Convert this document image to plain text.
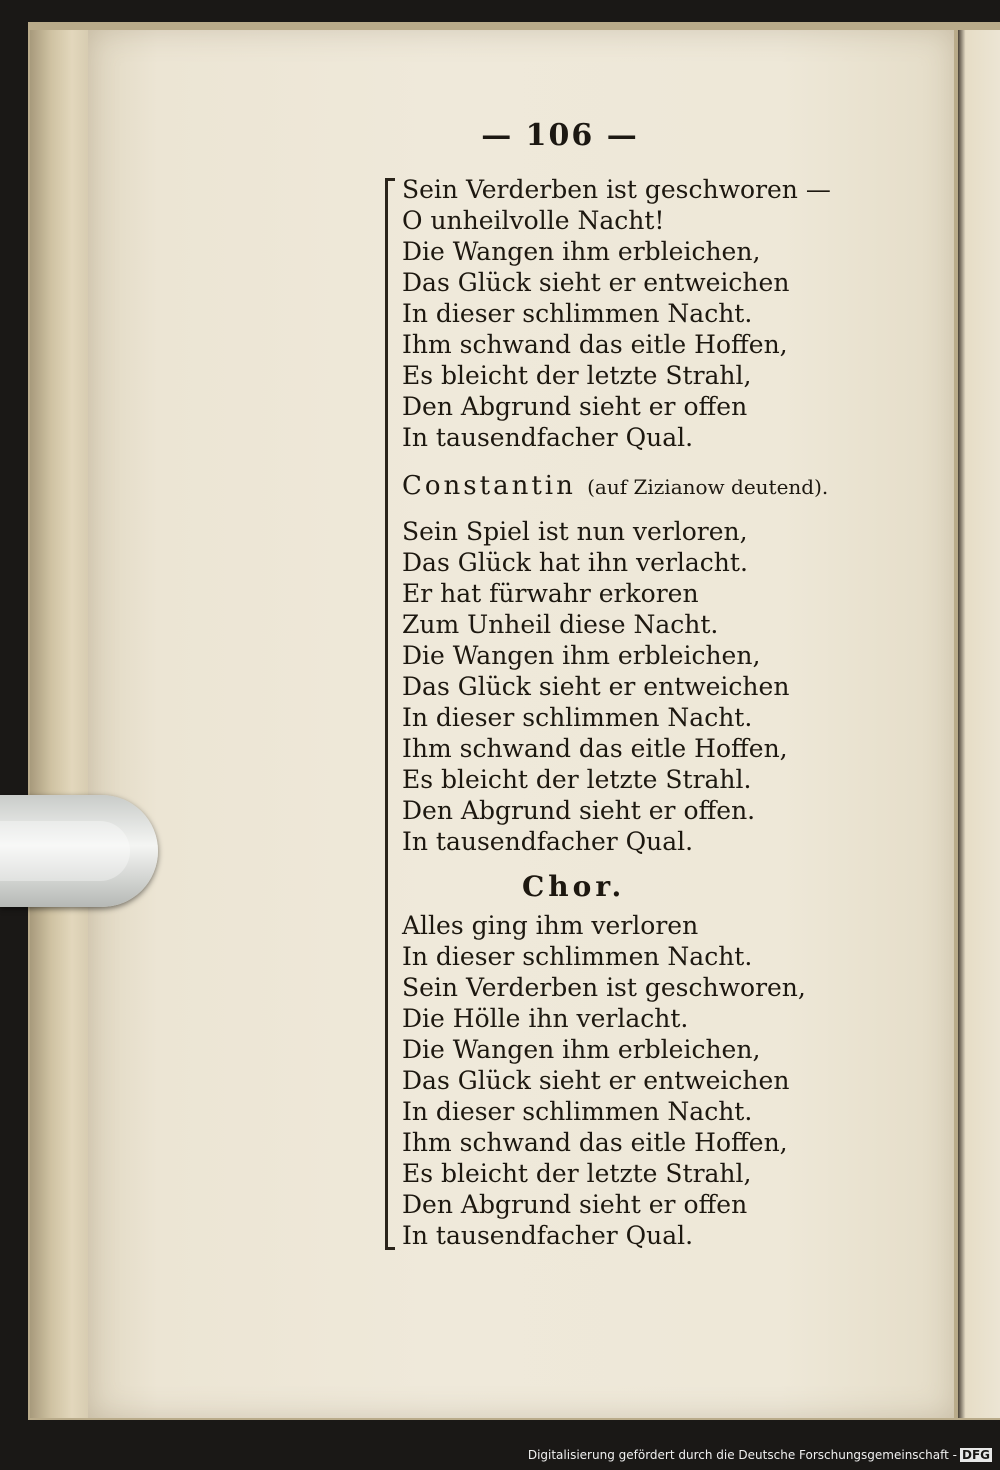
— 106 —
Sein Verderben ist geschworen —
O unheilvolle Nacht!
Die Wangen ihm erbleichen,
Das Glück sieht er entweichen
In dieser schlimmen Nacht.
Ihm schwand das eitle Hoffen,
Es bleicht der letzte Strahl,
Den Abgrund sieht er offen
In tausendfacher Qual.
Constantin (auf Zizianow deutend).
Sein Spiel ist nun verloren,
Das Glück hat ihn verlacht.
Er hat fürwahr erkoren
Zum Unheil diese Nacht.
Die Wangen ihm erbleichen,
Das Glück sieht er entweichen
In dieser schlimmen Nacht.
Ihm schwand das eitle Hoffen,
Es bleicht der letzte Strahl.
Den Abgrund sieht er offen.
In tausendfacher Qual.
Chor.
Alles ging ihm verloren
In dieser schlimmen Nacht.
Sein Verderben ist geschworen,
Die Hölle ihn verlacht.
Die Wangen ihm erbleichen,
Das Glück sieht er entweichen
In dieser schlimmen Nacht.
Ihm schwand das eitle Hoffen,
Es bleicht der letzte Strahl,
Den Abgrund sieht er offen
In tausendfacher Qual.
Digitalisierung gefördert durch die Deutsche Forschungsgemeinschaft - DFG
